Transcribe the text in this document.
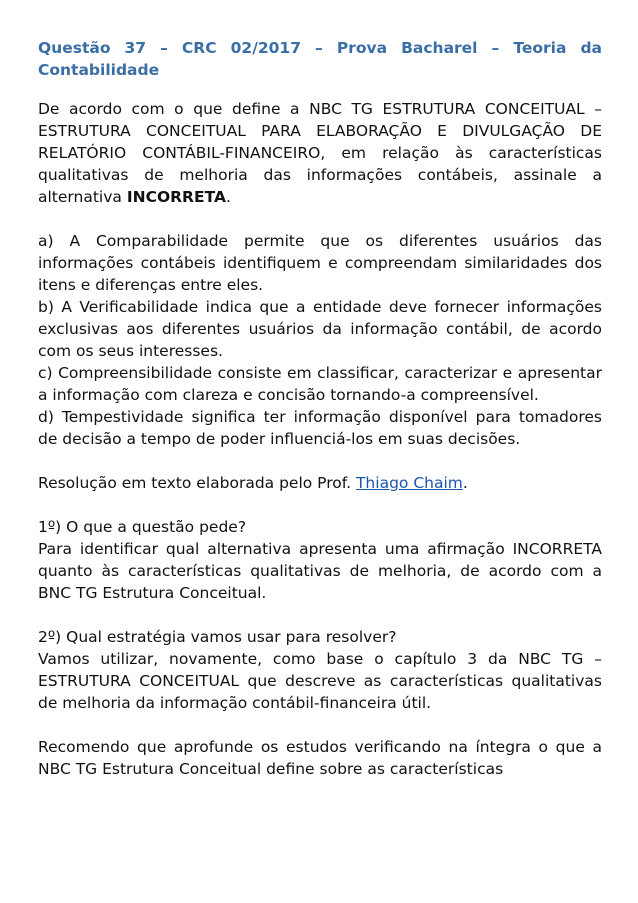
Questão 37 – CRC 02/2017 – Prova Bacharel – Teoria da Contabilidade

De acordo com o que define a NBC TG ESTRUTURA CONCEITUAL – ESTRUTURA CONCEITUAL PARA ELABORAÇÃO E DIVULGAÇÃO DE RELATÓRIO CONTÁBIL-FINANCEIRO, em relação às características qualitativas de melhoria das informações contábeis, assinale a alternativa INCORRETA.

a) A Comparabilidade permite que os diferentes usuários das informações contábeis identifiquem e compreendam similaridades dos itens e diferenças entre eles.

b) A Verificabilidade indica que a entidade deve fornecer informações exclusivas aos diferentes usuários da informação contábil, de acordo com os seus interesses.

c) Compreensibilidade consiste em classificar, caracterizar e apresentar a informação com clareza e concisão tornando-a compreensível.

d) Tempestividade significa ter informação disponível para tomadores de decisão a tempo de poder influenciá-los em suas decisões.

Resolução em texto elaborada pelo Prof. Thiago Chaim.

1º) O que a questão pede?

Para identificar qual alternativa apresenta uma afirmação INCORRETA quanto às características qualitativas de melhoria, de acordo com a BNC TG Estrutura Conceitual.

2º) Qual estratégia vamos usar para resolver?

Vamos utilizar, novamente, como base o capítulo 3 da NBC TG – ESTRUTURA CONCEITUAL que descreve as características qualitativas de melhoria da informação contábil-financeira útil.

Recomendo que aprofunde os estudos verificando na íntegra o que a NBC TG Estrutura Conceitual define sobre as características
